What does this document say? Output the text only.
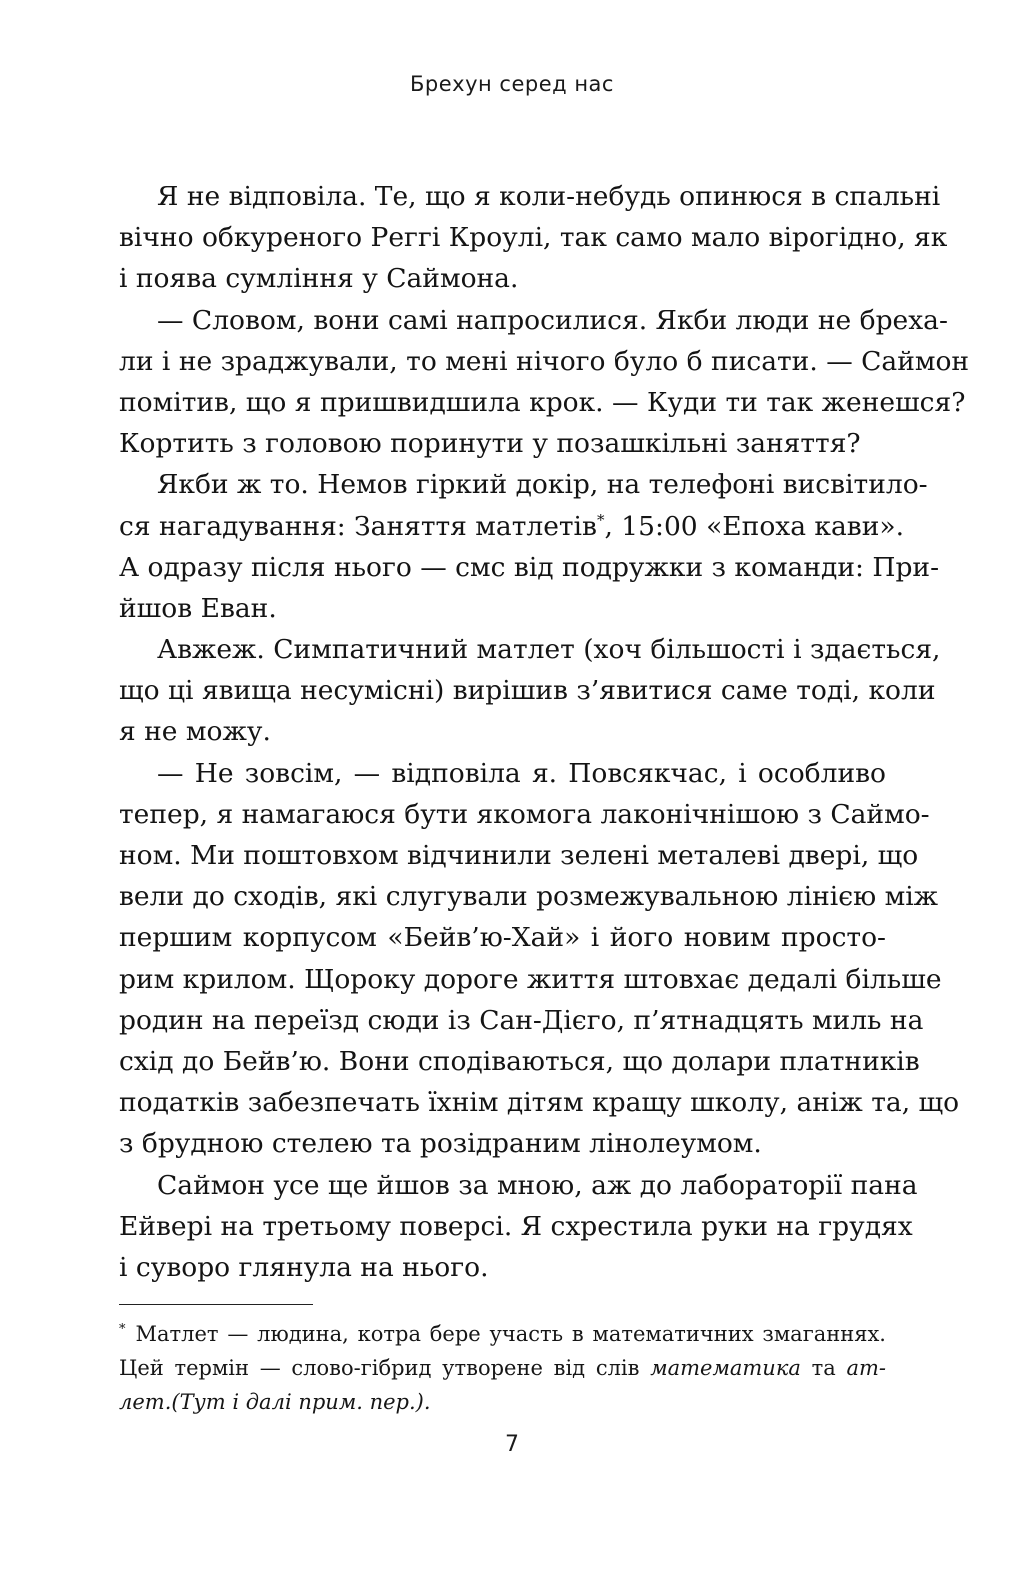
Брехун серед нас
Я не відповіла. Те, що я коли-небудь опинюся в спальні
вічно обкуреного Реггі Кроулі, так само мало вірогідно, як
і поява сумління у Саймона.
— Словом, вони самі напросилися. Якби люди не бреха-
ли і не зраджували, то мені нічого було б писати. — Саймон
помітив, що я пришвидшила крок. — Куди ти так женешся?
Кортить з головою поринути у позашкільні заняття?
Якби ж то. Немов гіркий докір, на телефоні висвітило-
ся нагадування: Заняття матлетів*, 15:00 «Епоха кави».
А одразу після нього — смс від подружки з команди: При-
йшов Еван.
Авжеж. Симпатичний матлет (хоч більшості і здається,
що ці явища несумісні) вирішив з’явитися саме тоді, коли
я не можу.
— Не зовсім, — відповіла я. Повсякчас, і особливо
тепер, я намагаюся бути якомога лаконічнішою з Саймо-
ном. Ми поштовхом відчинили зелені металеві двері, що
вели до сходів, які слугували розмежувальною лінією між
першим корпусом «Бейв’ю-Хай» і його новим просто-
рим крилом. Щороку дороге життя штовхає дедалі більше
родин на переїзд сюди із Сан-Дієго, п’ятнадцять миль на
схід до Бейв’ю. Вони сподіваються, що долари платників
податків забезпечать їхнім дітям кращу школу, аніж та, що
з брудною стелею та розідраним лінолеумом.
Саймон усе ще йшов за мною, аж до лабораторії пана
Ейвері на третьому поверсі. Я схрестила руки на грудях
і суворо глянула на нього.
* Матлет — людина, котра бере участь в математичних змаганнях.
Цей термін — слово-гібрид утворене від слів математика та ат-
лет.(Тут і далі прим. пер.).
7
